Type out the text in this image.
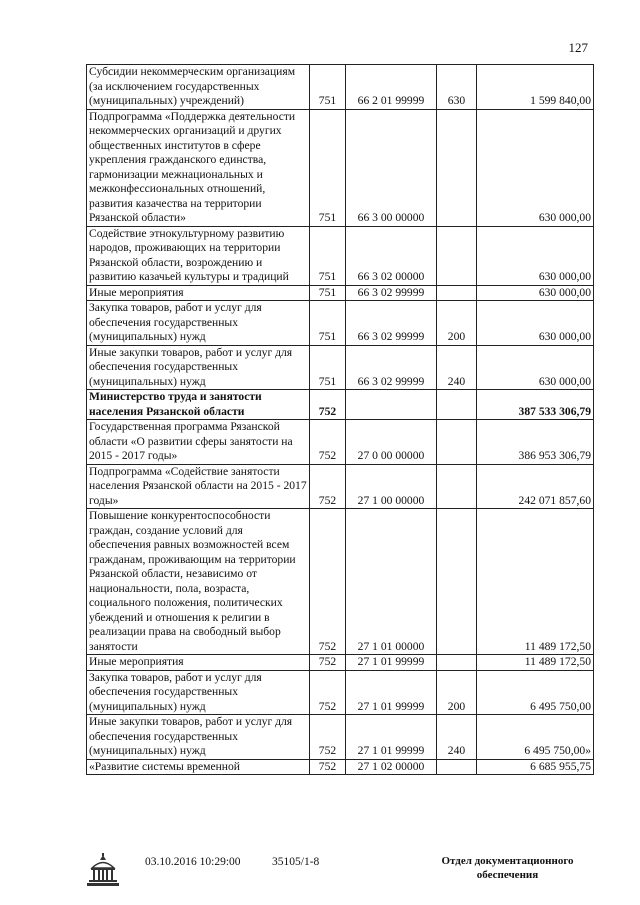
127
Субсидии некоммерческим организациям (за исключением государственных (муниципальных) учреждений)	751	66 2 01 99999	630	1 599 840,00
Подпрограмма «Поддержка деятельности некоммерческих организаций и других общественных институтов в сфере укрепления гражданского единства, гармонизации межнациональных и межконфессиональных отношений, развития казачества на территории Рязанской области»	751	66 3 00 00000		630 000,00
Содействие этнокультурному развитию народов, проживающих на территории Рязанской области, возрождению и развитию казачьей культуры и традиций	751	66 3 02 00000		630 000,00
Иные мероприятия	751	66 3 02 99999		630 000,00
Закупка товаров, работ и услуг для обеспечения государственных (муниципальных) нужд	751	66 3 02 99999	200	630 000,00
Иные закупки товаров, работ и услуг для обеспечения государственных (муниципальных) нужд	751	66 3 02 99999	240	630 000,00
Министерство труда и занятости населения Рязанской области	752			387 533 306,79
Государственная программа Рязанской области «О развитии сферы занятости на 2015 - 2017 годы»	752	27 0 00 00000		386 953 306,79
Подпрограмма «Содействие занятости населения Рязанской области на 2015 - 2017 годы»	752	27 1 00 00000		242 071 857,60
Повышение конкурентоспособности граждан, создание условий для обеспечения равных возможностей всем гражданам, проживающим на территории Рязанской области, независимо от национальности, пола, возраста, социального положения, политических убеждений и отношения к религии в реализации права на свободный выбор занятости	752	27 1 01 00000		11 489 172,50
Иные мероприятия	752	27 1 01 99999		11 489 172,50
Закупка товаров, работ и услуг для обеспечения государственных (муниципальных) нужд	752	27 1 01 99999	200	6 495 750,00
Иные закупки товаров, работ и услуг для обеспечения государственных (муниципальных) нужд	752	27 1 01 99999	240	6 495 750,00»
«Развитие системы временной	752	27 1 02 00000		6 685 955,75
03.10.2016 10:29:00	35105/1-8	Отдел документационного обеспечения
